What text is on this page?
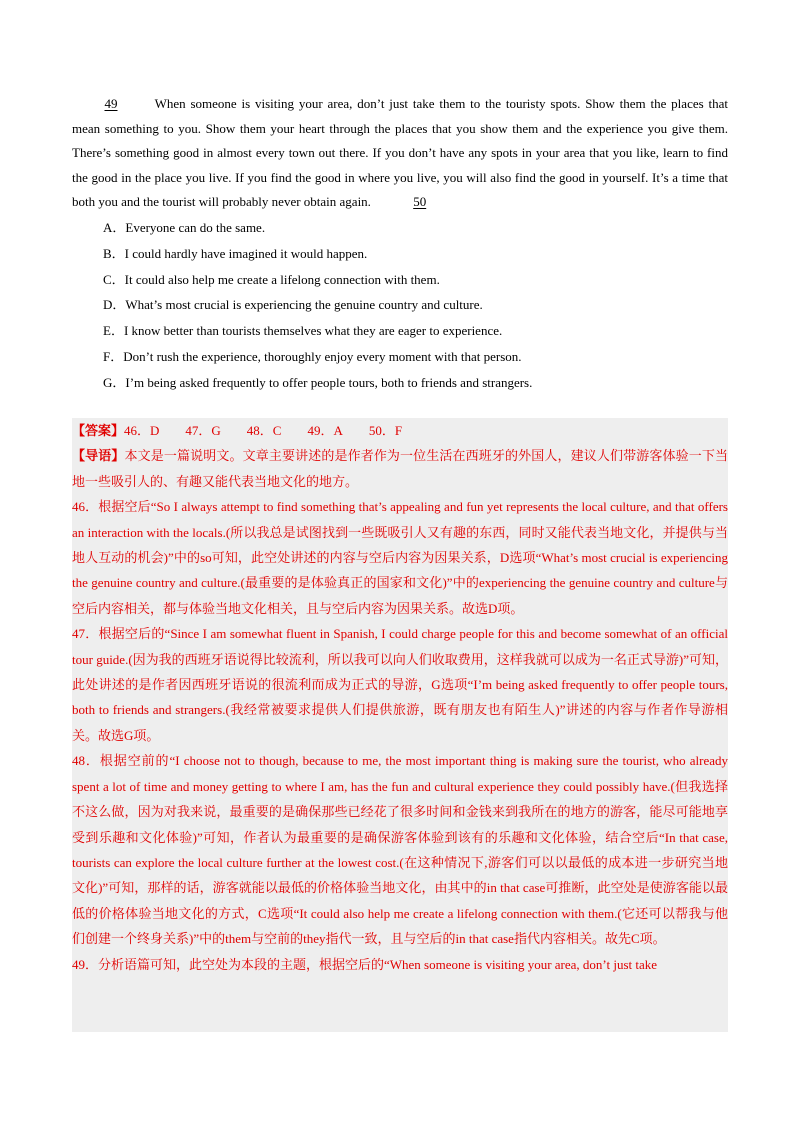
49	When someone is visiting your area, don’t just take them to the touristy spots. Show them the places that mean something to you. Show them your heart through the places that you show them and the experience you give them. There’s something good in almost every town out there. If you don’t have any spots in your area that you like, learn to find the good in the place you live. If you find the good in where you live, you will also find the good in yourself. It’s a time that both you and the tourist will probably never obtain again.	50
A．Everyone can do the same.
B．I could hardly have imagined it would happen.
C．It could also help me create a lifelong connection with them.
D．What’s most crucial is experiencing the genuine country and culture.
E．I know better than tourists themselves what they are eager to experience.
F．Don’t rush the experience, thoroughly enjoy every moment with that person.
G．I’m being asked frequently to offer people tours, both to friends and strangers.

【答案】46．D 47．G 48．C 49．A 50．F

【导语】本文是一篇说明文。文章主要讲述的是作者作为一位生活在西班牙的外国人，建议人们带游客体验一下当地一些吸引人的、有趣又能代表当地文化的地方。

46．根据空后“So I always attempt to find something that’s appealing and fun yet represents the local culture, and that offers an interaction with the locals.(所以我总是试图找到一些既吸引人又有趣的东西，同时又能代表当地文化，并提供与当地人互动的机会)”中的so可知，此空处讲述的内容与空后内容为因果关系，D选项“What’s most crucial is experiencing the genuine country and culture.(最重要的是体验真正的国家和文化)”中的experiencing the genuine country and culture与空后内容相关，都与体验当地文化相关，且与空后内容为因果关系。故选D项。

47．根据空后的“Since I am somewhat fluent in Spanish, I could charge people for this and become somewhat of an official tour guide.(因为我的西班牙语说得比较流利，所以我可以向人们收取费用，这样我就可以成为一名正式导游)”可知，此处讲述的是作者因西班牙语说的很流利而成为正式的导游，G选项“I’m being asked frequently to offer people tours, both to friends and strangers.(我经常被要求提供人们提供旅游，既有朋友也有陌生人)”讲述的内容与作者作导游相关。故选G项。

48．根据空前的“I choose not to though, because to me, the most important thing is making sure the tourist, who already spent a lot of time and money getting to where I am, has the fun and cultural experience they could possibly have.(但我选择不这么做，因为对我来说，最重要的是确保那些已经花了很多时间和金钱来到我所在的地方的游客，能尽可能地享受到乐趣和文化体验)”可知，作者认为最重要的是确保游客体验到该有的乐趣和文化体验，结合空后“In that case, tourists can explore the local culture further at the lowest cost.(在这种情况下,游客们可以以最低的成本进一步研究当地文化)”可知，那样的话，游客就能以最低的价格体验当地文化，由其中的in that case可推断，此空处是使游客能以最低的价格体验当地文化的方式，C选项“It could also help me create a lifelong connection with them.(它还可以帮我与他们创建一个终身关系)”中的them与空前的they指代一致，且与空后的in that case指代内容相关。故先C项。

49．分析语篇可知，此空处为本段的主题，根据空后的“When someone is visiting your area, don’t just take
